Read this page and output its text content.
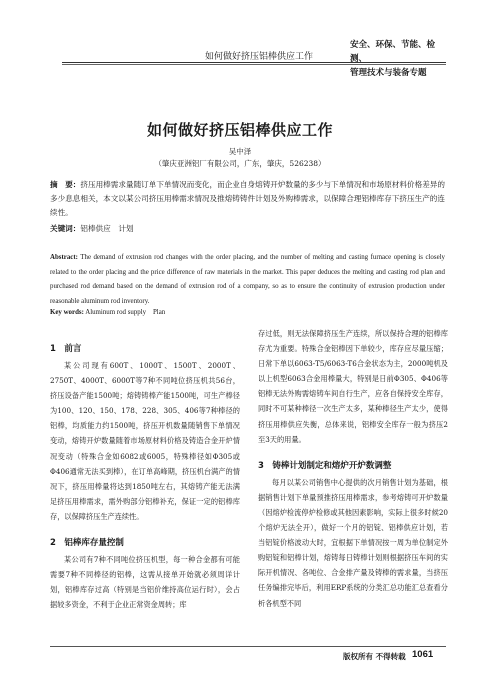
如何做好挤压铝棒供应工作
安全、环保、节能、检测、
管理技术与装备专题
如何做好挤压铝棒供应工作
吴中泽
（肇庆亚洲铝厂有限公司，广东，肇庆，526238）
摘　要：挤压用棒需求量随订单下单情况而变化，而企业自身熔铸开炉数量的多少与下单情况和市场原材料价格差异的多少息息相关，本文以某公司挤压用棒需求情况及推熔铸铸件计划及外购棒需求，以保障合理铝棒库存下挤压生产的连续性。
关键词：铝棒供应　计划
Abstract: The demand of extrusion rod changes with the order placing, and the number of melting and casting furnace opening is closely related to the order placing and the price difference of raw materials in the market. This paper deduces the melting and casting rod plan and purchased rod demand based on the demand of extrusion rod of a company, so as to ensure the continuity of extrusion production under reasonable aluminum rod inventory.
Key words: Aluminum rod supply　Plan

1　前言

某公司现有600T、1000T、1500T、2000T、2750T、4000T、6000T等7种不同吨位挤压机共56台，挤压设备产能1500吨；熔铸铸棒产能1500吨，可生产棒径为100、120、150、178、228、305、406等7种棒径的铝棒，均质能力约1500吨，挤压开机数量随销售下单情况变动，熔铸开炉数量随着市场原材料价格及铸造合金开炉情况变动（特殊合金如6082或6005，特殊棒径如Φ305或Φ406通常无法买到棒），在订单高峰期，挤压机台满产的情况下，挤压用棒量将达到1850吨左右，其熔铸产能无法满足挤压用棒需求，需外购部分铝棒补充，保证一定的铝棒库存，以保障挤压生产连续性。

2　铝棒库存量控制

某公司有7种不同吨位挤压机型，每一种合金都有可能需要7种不同棒径的铝棒，这需从接单开始就必须周详计划，铝棒库存过高（特别是当铝价维持高位运行时），会占据较多资金，不利于企业正常资金周转；库

存过低，则无法保障挤压生产连续，所以保持合理的铝棒库存尤为重要。特殊合金铝棒因下单较少，库存应尽量压缩；日常下单以6063-T5/6063-T6合金状态为主，2000吨机及以上机型6063合金用棒量大，特别是日前Φ305、Φ406等铝棒无法外购需熔铸车间自行生产，应各自保持安全库存，同时不可某种棒径一次生产太多，某种棒径生产太少，使得挤压用棒供应失衡，总体来说，铝棒安全库存一般为挤压2至3天的用量。

3　铸棒计划制定和熔炉开炉数调整

每月以某公司销售中心提供的次月销售计划为基础，根据销售计划下单量预推挤压用棒需求，参考熔铸可开炉数量（因熔炉检流停炉检修或其他因素影响，实际上很多时候20个熔炉无法全开），做好一个月的铝锭、铝棒供应计划，若当铝锭价格波动大时，宜根据下单情况按一周为单位制定外购铝锭和铝棒计划，熔铸每日铸棒计划则根据挤压车间的实际开机情况、各吨位、合金排产量及铸棒的需求量，当挤压任务编排完毕后，利用ERP系统的分类汇总功能汇总查看分析各机型不同

版权所有 不得转载 1061
